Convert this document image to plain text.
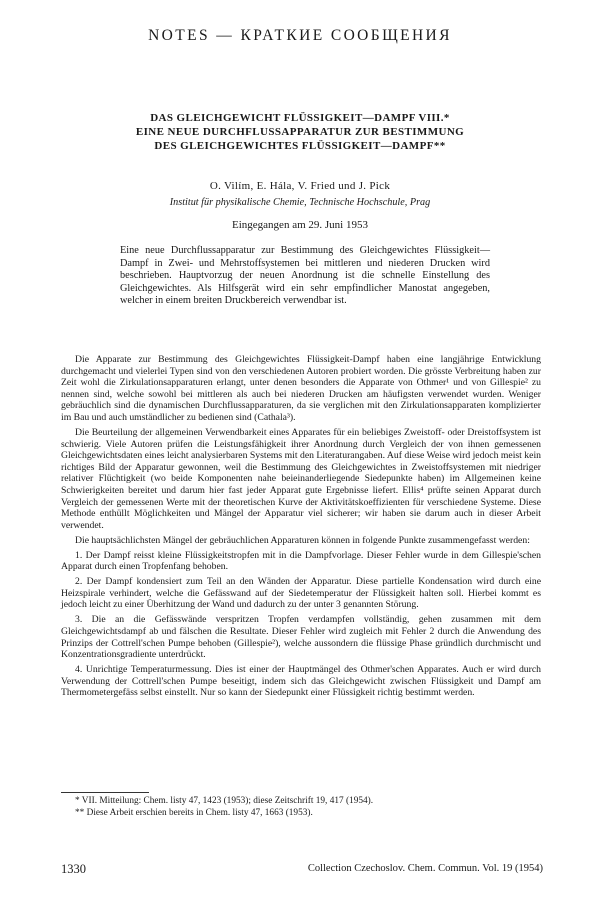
NOTES — КРАТКИЕ СООБЩЕНИЯ
DAS GLEICHGEWICHT FLÜSSIGKEIT—DAMPF VIII.*
EINE NEUE DURCHFLUSSAPPARATUR ZUR BESTIMMUNG
DES GLEICHGEWICHTES FLÜSSIGKEIT—DAMPF**
O. Vilím, E. Hála, V. Fried und J. Pick
Institut für physikalische Chemie, Technische Hochschule, Prag
Eingegangen am 29. Juni 1953
Eine neue Durchflussapparatur zur Bestimmung des Gleichgewichtes Flüssigkeit— Dampf in Zwei- und Mehrstoffsystemen bei mittleren und niederen Drucken wird beschrieben. Hauptvorzug der neuen Anordnung ist die schnelle Einstellung des Gleichgewichtes. Als Hilfsgerät wird ein sehr empfindlicher Manostat angegeben, welcher in einem breiten Druckbereich verwendbar ist.

Die Apparate zur Bestimmung des Gleichgewichtes Flüssigkeit-Dampf haben eine langjährige Entwicklung durchgemacht und vielerlei Typen sind von den verschiedenen Autoren probiert worden. Die grösste Verbreitung haben zur Zeit wohl die Zirkulationsapparaturen erlangt, unter denen besonders die Apparate von Othmer¹ und von Gillespie² zu nennen sind, welche sowohl bei mittleren als auch bei niederen Drucken am häufigsten verwendet wurden. Weniger gebräuchlich sind die dynamischen Durchflussapparaturen, da sie verglichen mit den Zirkulationsapparaten komplizierter im Bau und auch umständlicher zu bedienen sind (Cathala³).

Die Beurteilung der allgemeinen Verwendbarkeit eines Apparates für ein beliebiges Zweistoff- oder Dreistoffsystem ist schwierig. Viele Autoren prüfen die Leistungsfähigkeit ihrer Anordnung durch Vergleich der von ihnen gemessenen Gleichgewichtsdaten eines leicht analysierbaren Systems mit den Literaturangaben. Auf diese Weise wird jedoch meist kein richtiges Bild der Apparatur gewonnen, weil die Bestimmung des Gleichgewichtes in Zweistoffsystemen mit niedriger relativer Flüchtigkeit (wo beide Komponenten nahe beieinanderliegende Siedepunkte haben) im Allgemeinen keine Schwierigkeiten bereitet und darum hier fast jeder Apparat gute Ergebnisse liefert. Ellis⁴ prüfte seinen Apparat durch Vergleich der gemessenen Werte mit der theoretischen Kurve der Aktivitätskoeffizienten für verschiedene Systeme. Diese Methode enthüllt Möglichkeiten und Mängel der Apparatur viel sicherer; wir haben sie darum auch in dieser Arbeit verwendet.

Die hauptsächlichsten Mängel der gebräuchlichen Apparaturen können in folgende Punkte zusammengefasst werden:

1. Der Dampf reisst kleine Flüssigkeitstropfen mit in die Dampfvorlage. Dieser Fehler wurde in dem Gillespie'schen Apparat durch einen Tropfenfang behoben.

2. Der Dampf kondensiert zum Teil an den Wänden der Apparatur. Diese partielle Kondensation wird durch eine Heizspirale verhindert, welche die Gefässwand auf der Siedetemperatur der Flüssigkeit halten soll. Hierbei kommt es jedoch leicht zu einer Überhitzung der Wand und dadurch zu der unter 3 genannten Störung.

3. Die an die Gefässwände verspritzen Tropfen verdampfen vollständig, gehen zusammen mit dem Gleichgewichtsdampf ab und fälschen die Resultate. Dieser Fehler wird zugleich mit Fehler 2 durch die Anwendung des Prinzips der Cottrell'schen Pumpe behoben (Gillespie²), welche aussondern die flüssige Phase gründlich durchmischt und Konzentrationsgradiente unterdrückt.

4. Unrichtige Temperaturmessung. Dies ist einer der Hauptmängel des Othmer'schen Apparates. Auch er wird durch Verwendung der Cottrell'schen Pumpe beseitigt, indem sich das Gleichgewicht zwischen Flüssigkeit und Dampf am Thermometergefäss selbst einstellt. Nur so kann der Siedepunkt einer Flüssigkeit richtig bestimmt werden.

* VII. Mitteilung: Chem. listy 47, 1423 (1953); diese Zeitschrift 19, 417 (1954).
** Diese Arbeit erschien bereits in Chem. listy 47, 1663 (1953).
1330	Collection Czechoslov. Chem. Commun. Vol. 19 (1954)
